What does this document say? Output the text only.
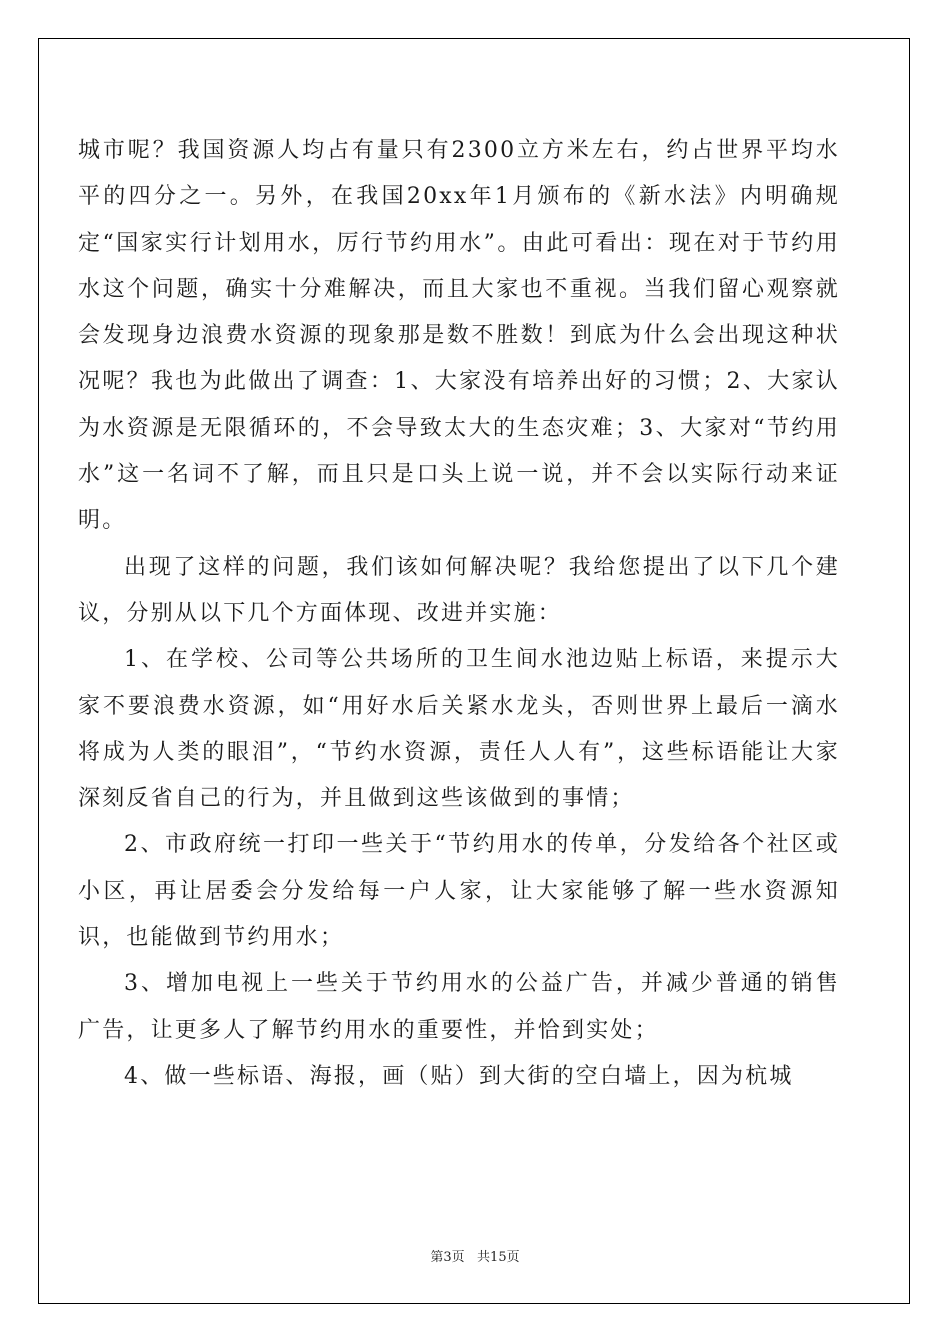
城市呢？我国资源人均占有量只有2300立方米左右，约占世界平均水平的四分之一。另外，在我国20xx年1月颁布的《新水法》内明确规定“国家实行计划用水，厉行节约用水”。由此可看出：现在对于节约用水这个问题，确实十分难解决，而且大家也不重视。当我们留心观察就会发现身边浪费水资源的现象那是数不胜数！到底为什么会出现这种状况呢？我也为此做出了调查：1、大家没有培养出好的习惯；2、大家认为水资源是无限循环的，不会导致太大的生态灾难；3、大家对“节约用水”这一名词不了解，而且只是口头上说一说，并不会以实际行动来证明。

出现了这样的问题，我们该如何解决呢？我给您提出了以下几个建议，分别从以下几个方面体现、改进并实施：

1、在学校、公司等公共场所的卫生间水池边贴上标语，来提示大家不要浪费水资源，如“用好水后关紧水龙头，否则世界上最后一滴水将成为人类的眼泪”，“节约水资源，责任人人有”，这些标语能让大家深刻反省自己的行为，并且做到这些该做到的事情；

2、市政府统一打印一些关于“节约用水的传单，分发给各个社区或小区，再让居委会分发给每一户人家，让大家能够了解一些水资源知识，也能做到节约用水；

3、增加电视上一些关于节约用水的公益广告，并减少普通的销售广告，让更多人了解节约用水的重要性，并恰到实处；

4、做一些标语、海报，画（贴）到大街的空白墙上，因为杭城

第3页   共15页
